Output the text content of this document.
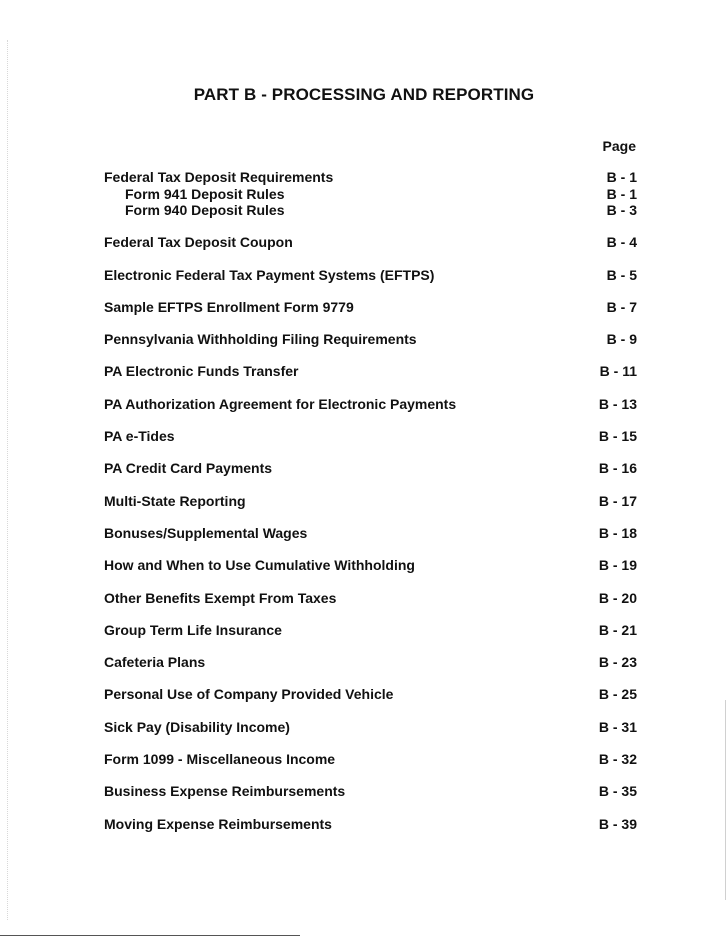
PART B - PROCESSING AND REPORTING
Page
Federal Tax Deposit Requirements	B - 1
Form 941 Deposit Rules	B - 1
Form 940 Deposit Rules	B - 3
Federal Tax Deposit Coupon	B - 4
Electronic Federal Tax Payment Systems (EFTPS)	B - 5
Sample EFTPS Enrollment Form 9779	B - 7
Pennsylvania Withholding Filing Requirements	B - 9
PA Electronic Funds Transfer	B - 11
PA Authorization Agreement for Electronic Payments	B - 13
PA e-Tides	B - 15
PA Credit Card Payments	B - 16
Multi-State Reporting	B - 17
Bonuses/Supplemental Wages	B - 18
How and When to Use Cumulative Withholding	B - 19
Other Benefits Exempt From Taxes	B - 20
Group Term Life Insurance	B - 21
Cafeteria Plans	B - 23
Personal Use of Company Provided Vehicle	B - 25
Sick Pay (Disability Income)	B - 31
Form 1099 - Miscellaneous Income	B - 32
Business Expense Reimbursements	B - 35
Moving Expense Reimbursements	B - 39
